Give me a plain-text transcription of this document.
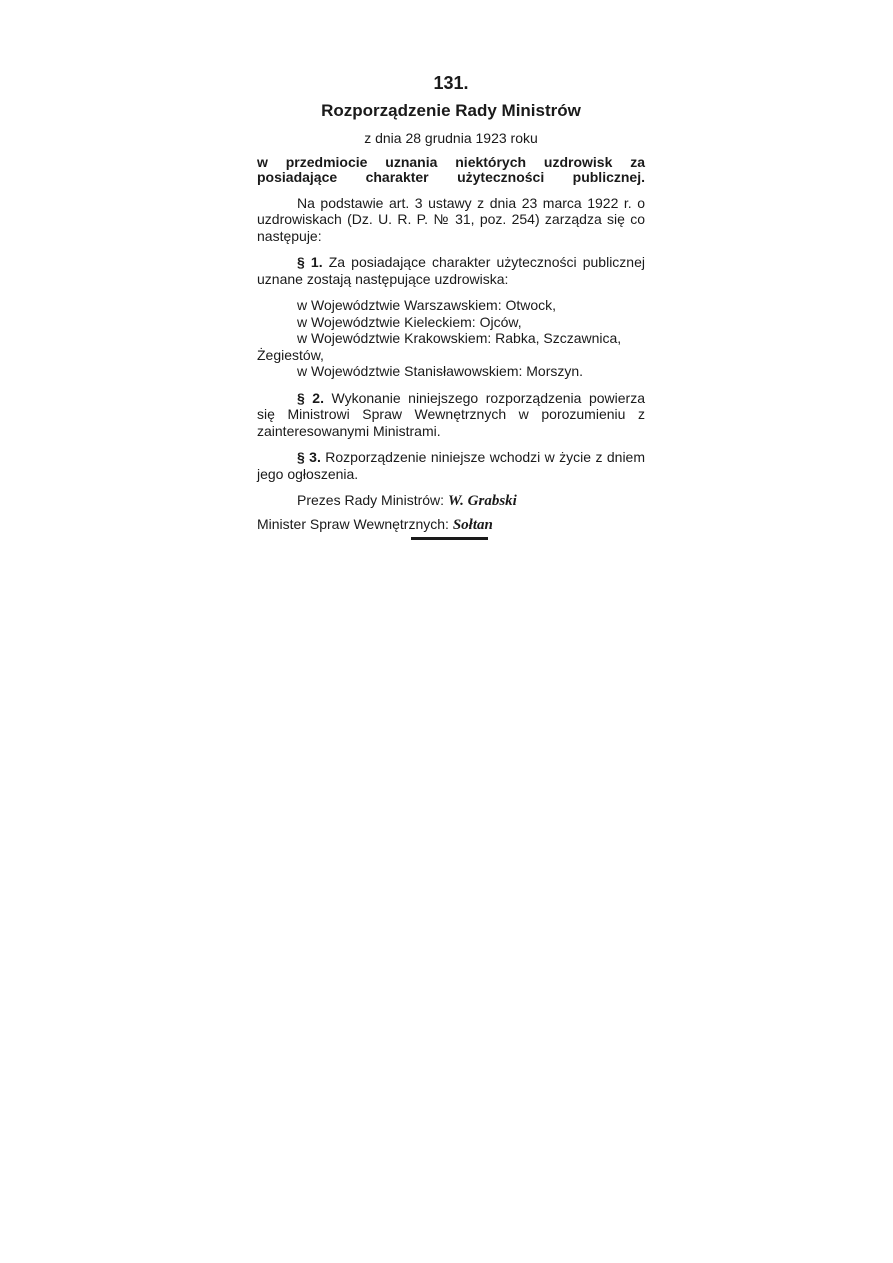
131.
Rozporządzenie Rady Ministrów
z dnia 28 grudnia 1923 roku
w przedmiocie uznania niektórych uzdrowisk za
posiadające charakter użyteczności publicznej.

Na podstawie art. 3 ustawy z dnia 23 marca 1922 r. o uzdrowiskach (Dz. U. R. P. № 31, poz. 254) zarządza się co następuje:

§ 1. Za posiadające charakter użyteczności publicznej uznane zostają następujące uzdrowiska:

w Województwie Warszawskiem: Otwock,
w Województwie Kieleckiem: Ojców,
w Województwie Krakowskiem: Rabka, Szczawnica, Żegiestów,
w Województwie Stanisławowskiem: Morszyn.

§ 2. Wykonanie niniejszego rozporządzenia powierza się Ministrowi Spraw Wewnętrznych w porozumieniu z zainteresowanymi Ministrami.

§ 3. Rozporządzenie niniejsze wchodzi w życie z dniem jego ogłoszenia.

Prezes Rady Ministrów: W. Grabski
Minister Spraw Wewnętrznych: Sołtan
